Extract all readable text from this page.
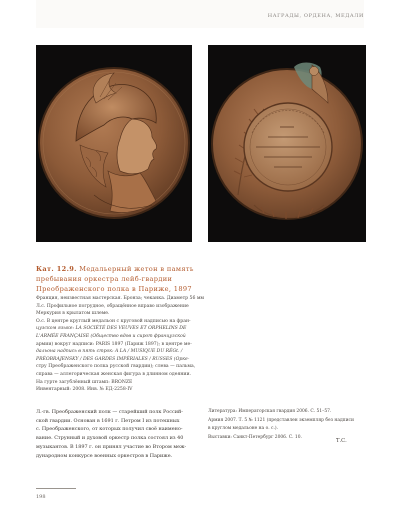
НАГРАДЫ, ОРДЕНА, МЕДАЛИ
Кат. 12.9. Медальерный жетон в память
пребывания оркестра лейб-гвардии
Преображенского полка в Париже, 1897
Франция, неизвестная мастерская. Бронза; чеканка. Диаметр 56 мм
Л.с. Профильное погрудное, обращённое вправо изображение
Меркурия в крылатом шлеме.
О.с. В центре круглый медальон с круговой надписью на фран-
цузском языке: LA SOCIÉTÉ DES VEUVES ET ORPHELINS DE
L'ARMÉE FRANÇAISE (Общество вдов и сирот французской
армии) вокруг надписи: PARIS 1897 (Париж 1897); в центре ме-
дальона надпись в пять строк: A LA / MUSIQUE DU RÉGt. /
PRÉOBRAJENSKY / DES GARDES IMPÉRIALES / RUSSES (Орке-
стру Преображенского полка русской гвардии); слева — пальма,
справа — аллегорическая женская фигура в длинном одеянии.
На гурте загублённый штамп: BRONZE
Инвентарный: 2008. Инв. № ЕД-2258-IV
Л.-гв. Преображенский полк — старейший полк Россий-
ской гвардии. Основан в 1691 г. Петром I из потешных
с. Преображенского, от которых получил своё наимено-
вание. Струнный и духовой оркестр полка состоял из 40
музыкантов. В 1897 г. он принял участие во Втором меж-
дународном конкурсе военных оркестров в Париже.
Литература: Императорская гвардия 2006. С. 51–57.
Армия 2007. Т. 5 № 1121 (представлен экземпляр без надписи
в круглом медальоне на о. с.).
Выставки: Санкт-Петербург 2006. С. 10.
Т.С.
198
